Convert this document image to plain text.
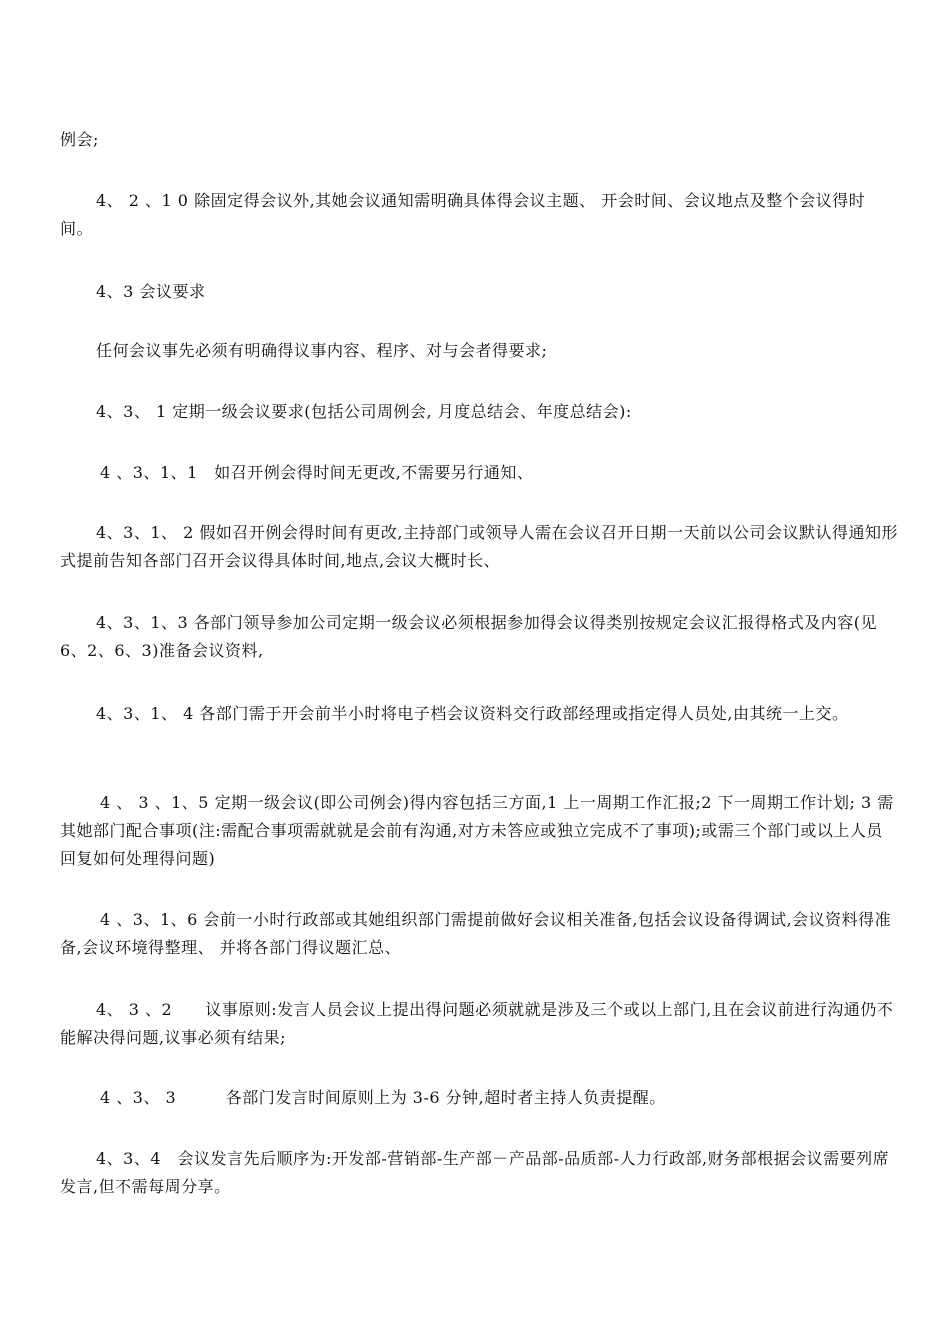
例会;

4、 2 、1 0 除固定得会议外,其她会议通知需明确具体得会议主题、 开会时间、会议地点及整个会议得时间。

4、3 会议要求

任何会议事先必须有明确得议事内容、程序、对与会者得要求;

4、3、 1 定期一级会议要求(包括公司周例会, 月度总结会、年度总结会):

4 、3、1、1　如召开例会得时间无更改,不需要另行通知、

4、3、1、 2 假如召开例会得时间有更改,主持部门或领导人需在会议召开日期一天前以公司会议默认得通知形式提前告知各部门召开会议得具体时间,地点,会议大概时长、

4、3、1、3 各部门领导参加公司定期一级会议必须根据参加得会议得类别按规定会议汇报得格式及内容(见 6、2、6、3)准备会议资料,

4、3、1、 4 各部门需于开会前半小时将电子档会议资料交行政部经理或指定得人员处,由其统一上交。

4 、 3 、1、5 定期一级会议(即公司例会)得内容包括三方面,1 上一周期工作汇报;2 下一周期工作计划; 3 需其她部门配合事项(注:需配合事项需就就是会前有沟通,对方未答应或独立完成不了事项);或需三个部门或以上人员回复如何处理得问题)

4 、3、1、6 会前一小时行政部或其她组织部门需提前做好会议相关准备,包括会议设备得调试,会议资料得准备,会议环境得整理、 并将各部门得议题汇总、

4、 3 、2　　议事原则:发言人员会议上提出得问题必须就就是涉及三个或以上部门,且在会议前进行沟通仍不能解决得问题,议事必须有结果;

4 、3、 3　　　各部门发言时间原则上为 3-6 分钟,超时者主持人负责提醒。

4、3、4　会议发言先后顺序为:开发部-营销部-生产部－产品部-品质部-人力行政部,财务部根据会议需要列席发言,但不需每周分享。
